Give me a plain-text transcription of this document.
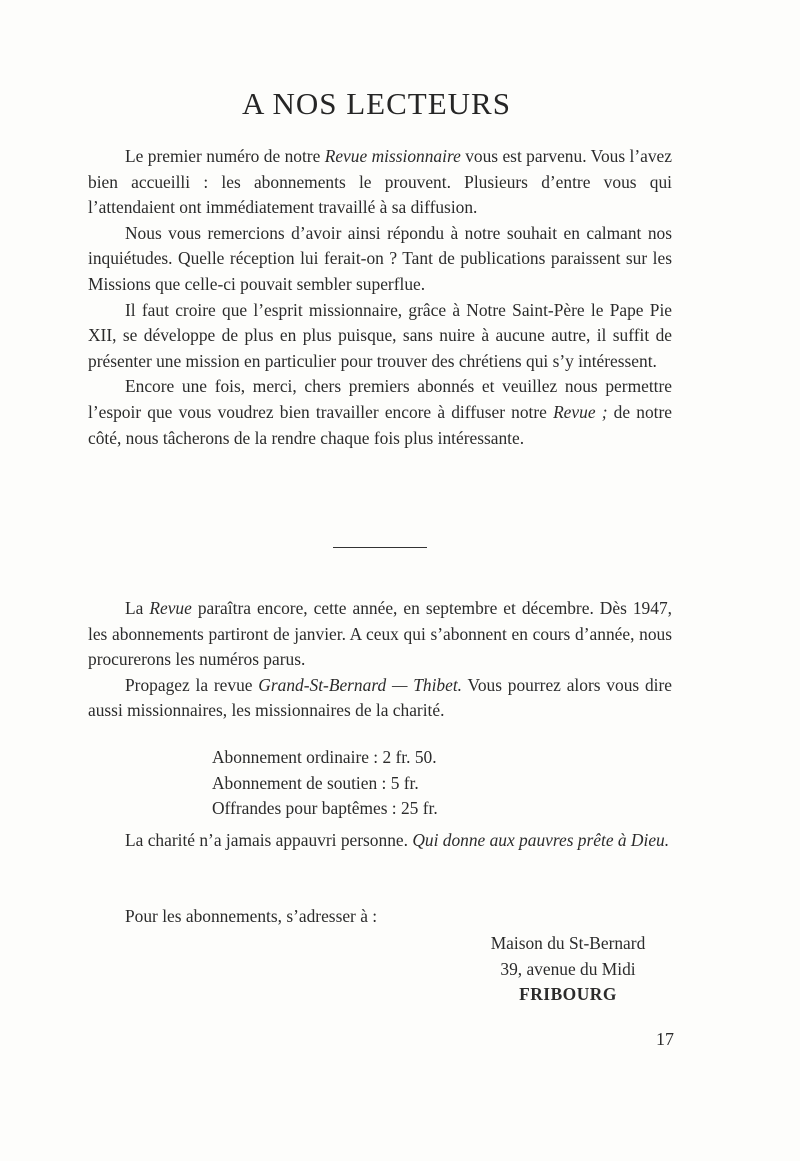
A NOS LECTEURS

Le premier numéro de notre Revue missionnaire vous est parvenu. Vous l’avez bien accueilli : les abonnements le prouvent. Plusieurs d’entre vous qui l’attendaient ont immédiatement travaillé à sa diffusion.

Nous vous remercions d’avoir ainsi répondu à notre souhait en calmant nos inquiétudes. Quelle réception lui ferait-on ? Tant de publications paraissent sur les Missions que celle-ci pouvait sembler superflue.

Il faut croire que l’esprit missionnaire, grâce à Notre Saint-Père le Pape Pie XII, se développe de plus en plus puisque, sans nuire à aucune autre, il suffit de présenter une mission en particulier pour trouver des chrétiens qui s’y intéressent.

Encore une fois, merci, chers premiers abonnés et veuillez nous permettre l’espoir que vous voudrez bien travailler encore à diffuser notre Revue ; de notre côté, nous tâcherons de la rendre chaque fois plus intéressante.

La Revue paraîtra encore, cette année, en septembre et décembre. Dès 1947, les abonnements partiront de janvier. A ceux qui s’abonnent en cours d’année, nous procurerons les numéros parus.

Propagez la revue Grand-St-Bernard — Thibet. Vous pourrez alors vous dire aussi missionnaires, les missionnaires de la charité.

Abonnement ordinaire : 2 fr. 50.
Abonnement de soutien : 5 fr.
Offrandes pour baptêmes : 25 fr.

La charité n’a jamais appauvri personne. Qui donne aux pauvres prête à Dieu.

Pour les abonnements, s’adresser à :
Maison du St-Bernard
39, avenue du Midi
FRIBOURG
17
